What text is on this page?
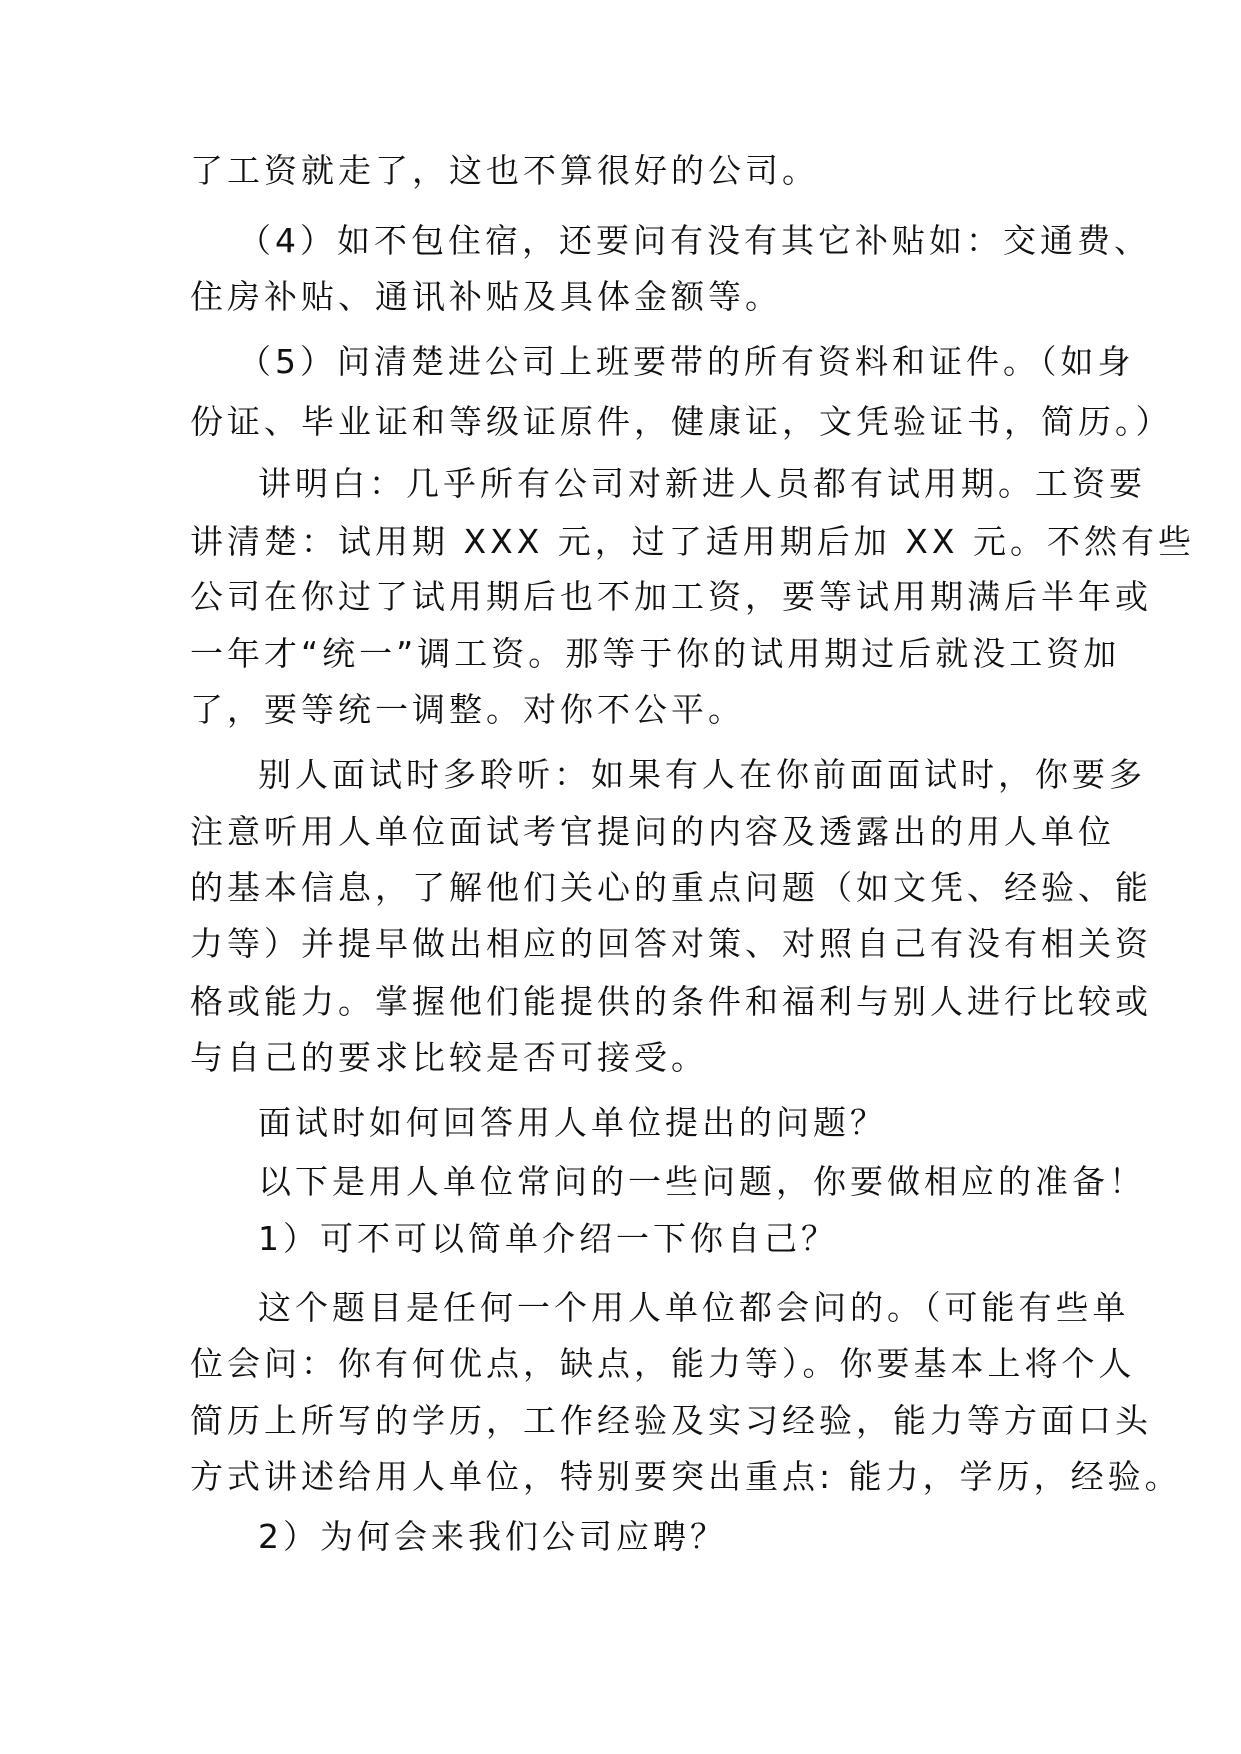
了工资就走了，这也不算很好的公司。
（4）如不包住宿，还要问有没有其它补贴如：交通费、
住房补贴、通讯补贴及具体金额等。
（5）问清楚进公司上班要带的所有资料和证件。（如身
份证、毕业证和等级证原件，健康证，文凭验证书，简历。）
讲明白：几乎所有公司对新进人员都有试用期。工资要
讲清楚：试用期 XXX 元，过了适用期后加 XX 元。不然有些
公司在你过了试用期后也不加工资，要等试用期满后半年或
一年才“统一”调工资。那等于你的试用期过后就没工资加
了，要等统一调整。对你不公平。
别人面试时多聆听：如果有人在你前面面试时，你要多
注意听用人单位面试考官提问的内容及透露出的用人单位
的基本信息，了解他们关心的重点问题（如文凭、经验、能
力等）并提早做出相应的回答对策、对照自己有没有相关资
格或能力。掌握他们能提供的条件和福利与别人进行比较或
与自己的要求比较是否可接受。
面试时如何回答用人单位提出的问题？
以下是用人单位常问的一些问题，你要做相应的准备！
1）可不可以简单介绍一下你自己？
这个题目是任何一个用人单位都会问的。（可能有些单
位会问：你有何优点，缺点，能力等）。你要基本上将个人
简历上所写的学历，工作经验及实习经验，能力等方面口头
方式讲述给用人单位，特别要突出重点: 能力，学历，经验。
2）为何会来我们公司应聘？
